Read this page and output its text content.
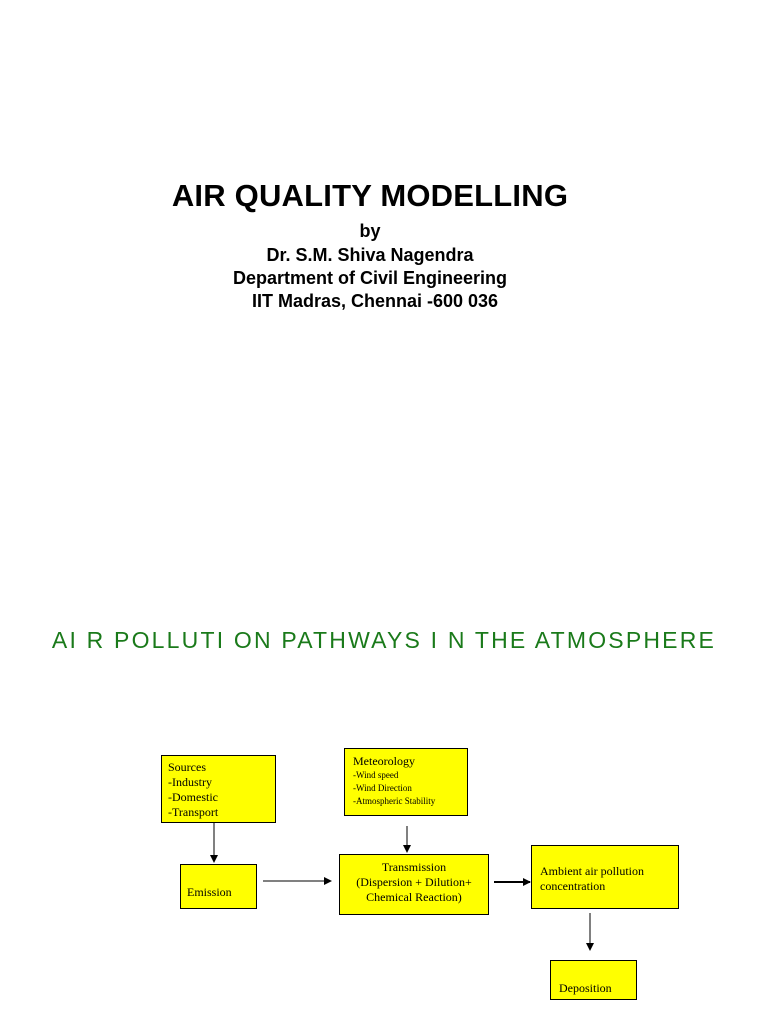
AIR QUALITY MODELLING
by
Dr. S.M. Shiva Nagendra
Department of Civil Engineering
IIT Madras, Chennai -600 036
AI R POLLUTI ON PATHWAYS I N THE ATMOSPHERE
Sources
-Industry
-Domestic
-Transport
Meteorology
-Wind speed
-Wind Direction
-Atmospheric Stability
Emission
Transmission
(Dispersion + Dilution+
Chemical Reaction)
Ambient air pollution
concentration
Deposition
